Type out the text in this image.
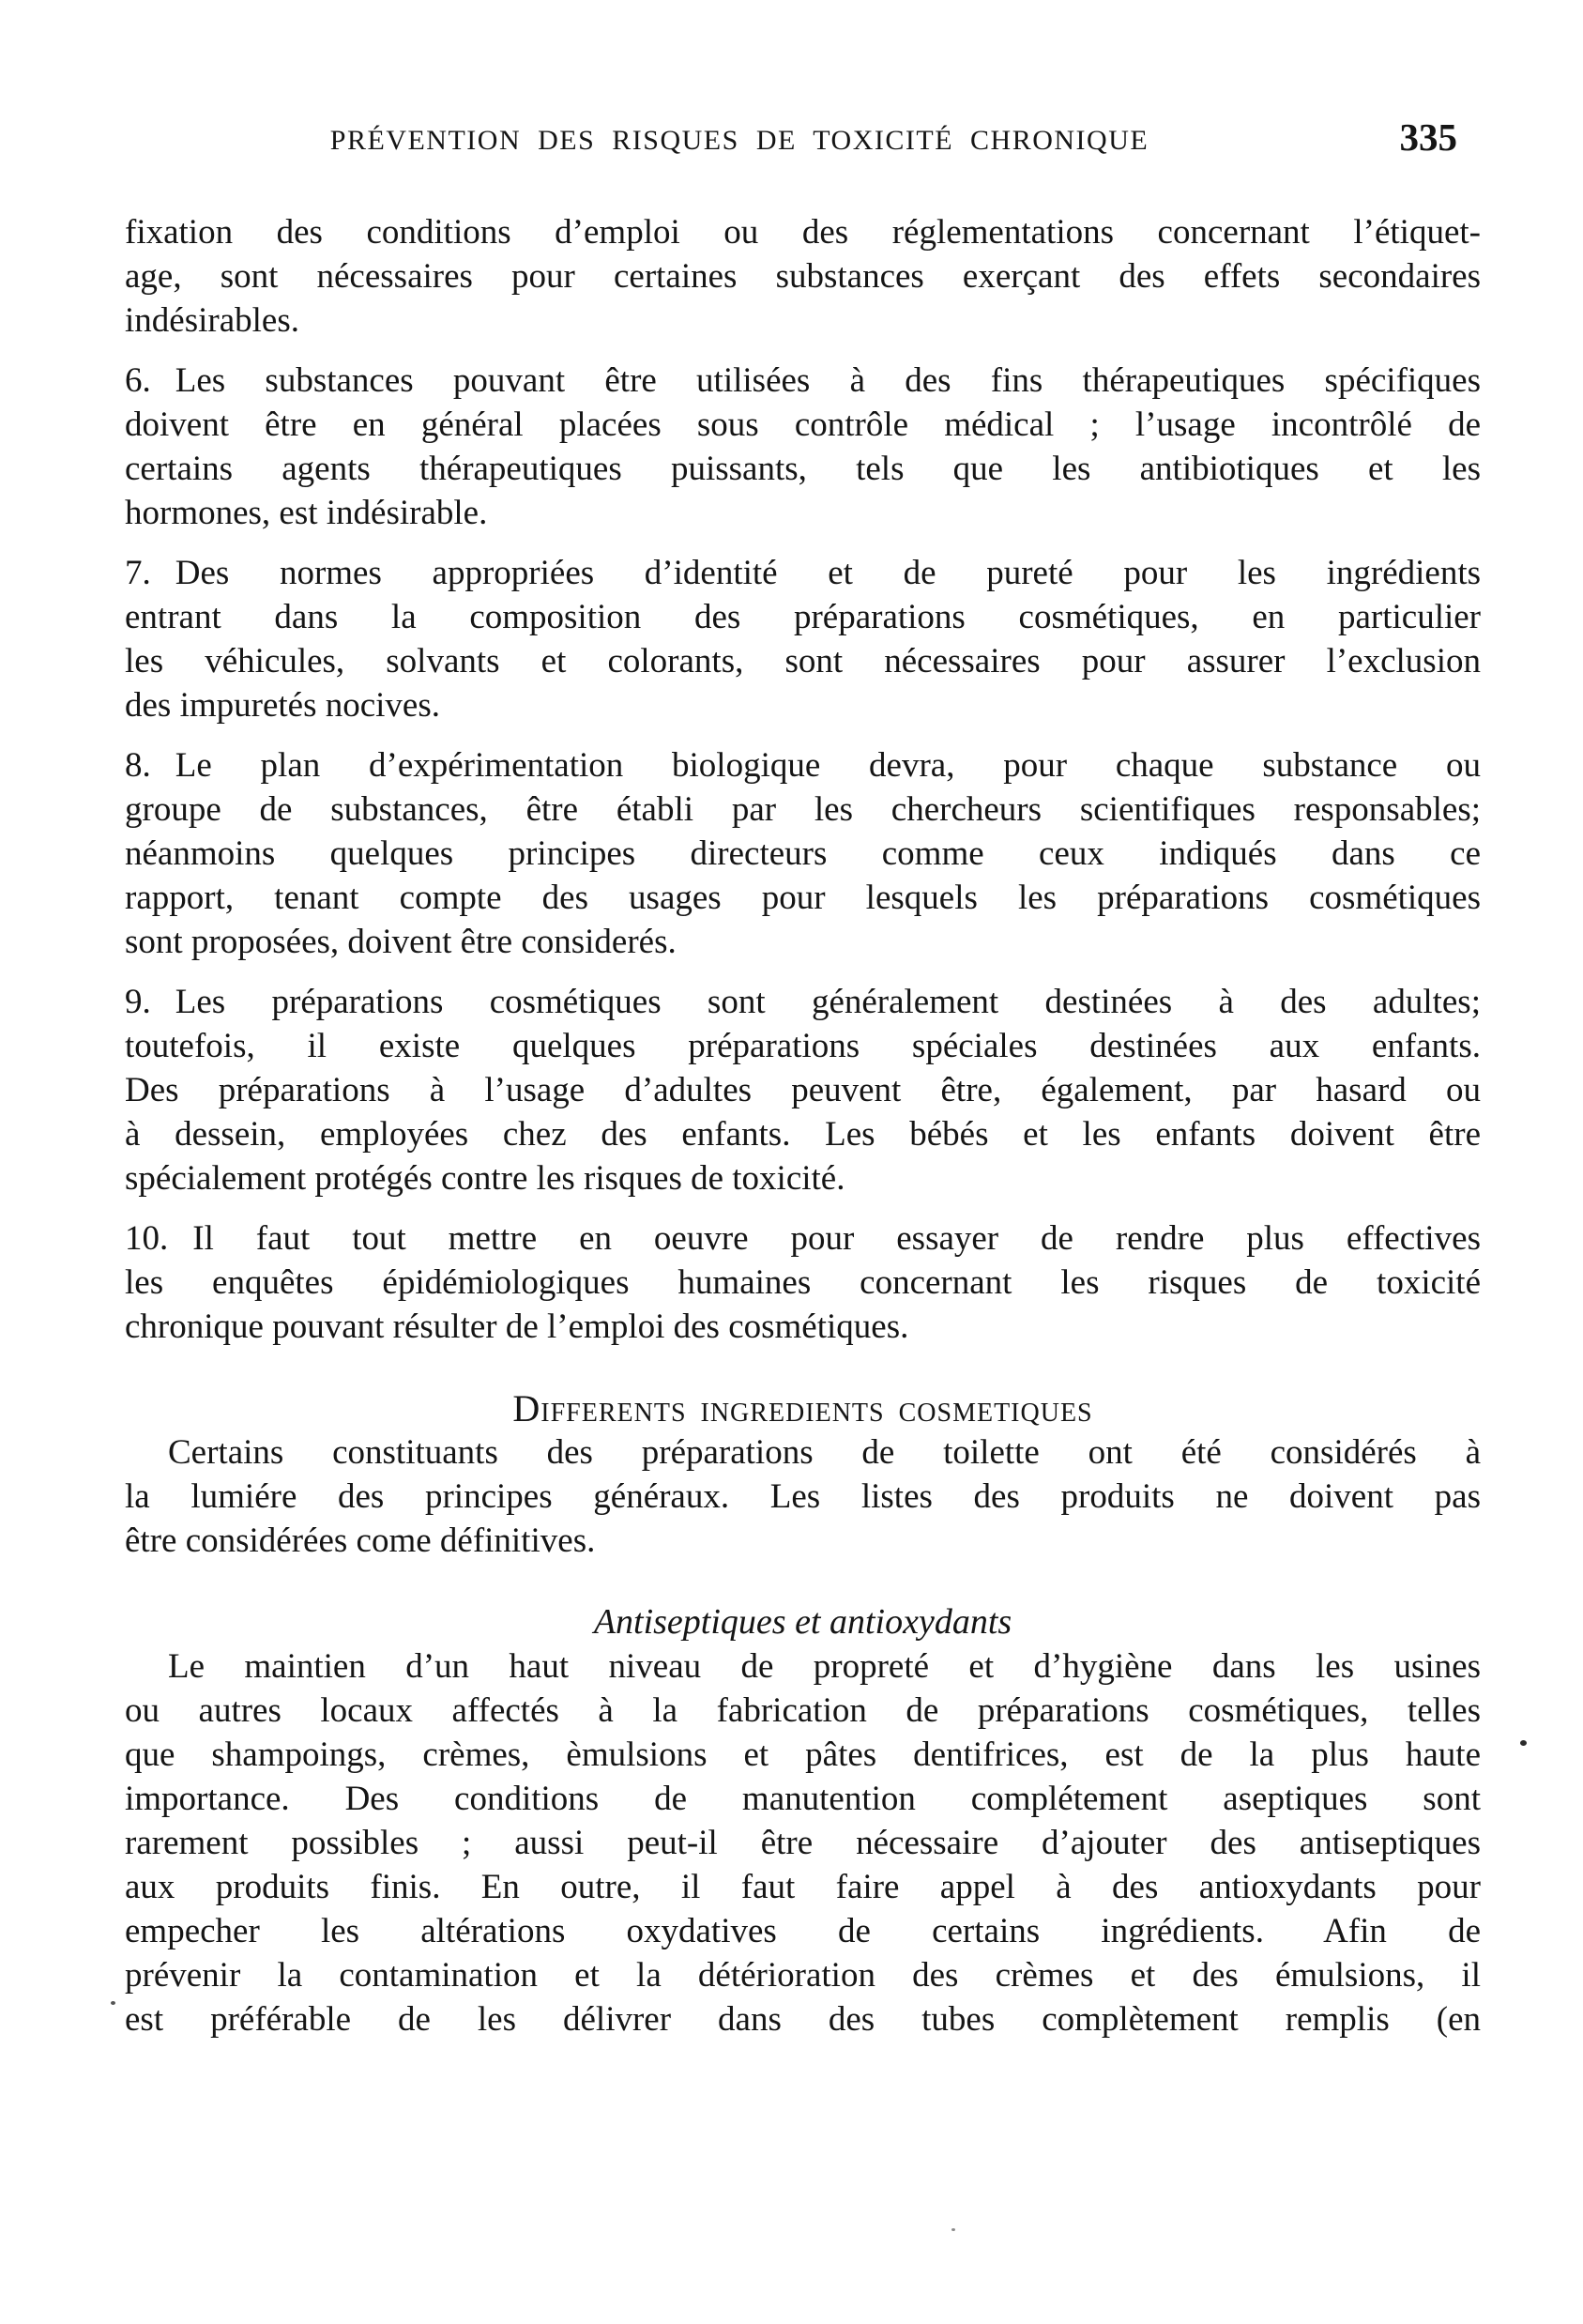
PRÉVENTION DES RISQUES DE TOXICITÉ CHRONIQUE	335
fixation des conditions d’emploi ou des réglementations concernant l’étiquet-
age, sont nécessaires pour certaines substances exerçant des effets secondaires
indésirables.
6. Les substances pouvant être utilisées à des fins thérapeutiques spécifiques
doivent être en général placées sous contrôle médical ; l’usage incontrôlé de
certains agents thérapeutiques puissants, tels que les antibiotiques et les
hormones, est indésirable.
7. Des normes appropriées d’identité et de pureté pour les ingrédients
entrant dans la composition des préparations cosmétiques, en particulier
les véhicules, solvants et colorants, sont nécessaires pour assurer l’exclusion
des impuretés nocives.
8. Le plan d’expérimentation biologique devra, pour chaque substance ou
groupe de substances, être établi par les chercheurs scientifiques responsables;
néanmoins quelques principes directeurs comme ceux indiqués dans ce
rapport, tenant compte des usages pour lesquels les préparations cosmétiques
sont proposées, doivent être considerés.
9. Les préparations cosmétiques sont généralement destinées à des adultes;
toutefois, il existe quelques préparations spéciales destinées aux enfants.
Des préparations à l’usage d’adultes peuvent être, également, par hasard ou
à dessein, employées chez des enfants. Les bébés et les enfants doivent être
spécialement protégés contre les risques de toxicité.
10. Il faut tout mettre en oeuvre pour essayer de rendre plus effectives
les enquêtes épidémiologiques humaines concernant les risques de toxicité
chronique pouvant résulter de l’emploi des cosmétiques.
Differents ingredients cosmetiques
Certains constituants des préparations de toilette ont été considérés à
la lumiére des principes généraux. Les listes des produits ne doivent pas
être considérées come définitives.
Antiseptiques et antioxydants
Le maintien d’un haut niveau de propreté et d’hygiène dans les usines
ou autres locaux affectés à la fabrication de préparations cosmétiques, telles
que shampoings, crèmes, èmulsions et pâtes dentifrices, est de la plus haute
importance. Des conditions de manutention complétement aseptiques sont
rarement possibles ; aussi peut-il être nécessaire d’ajouter des antiseptiques
aux produits finis. En outre, il faut faire appel à des antioxydants pour
empecher les altérations oxydatives de certains ingrédients. Afin de
prévenir la contamination et la détérioration des crèmes et des émulsions, il
est préférable de les délivrer dans des tubes complètement remplis (en
